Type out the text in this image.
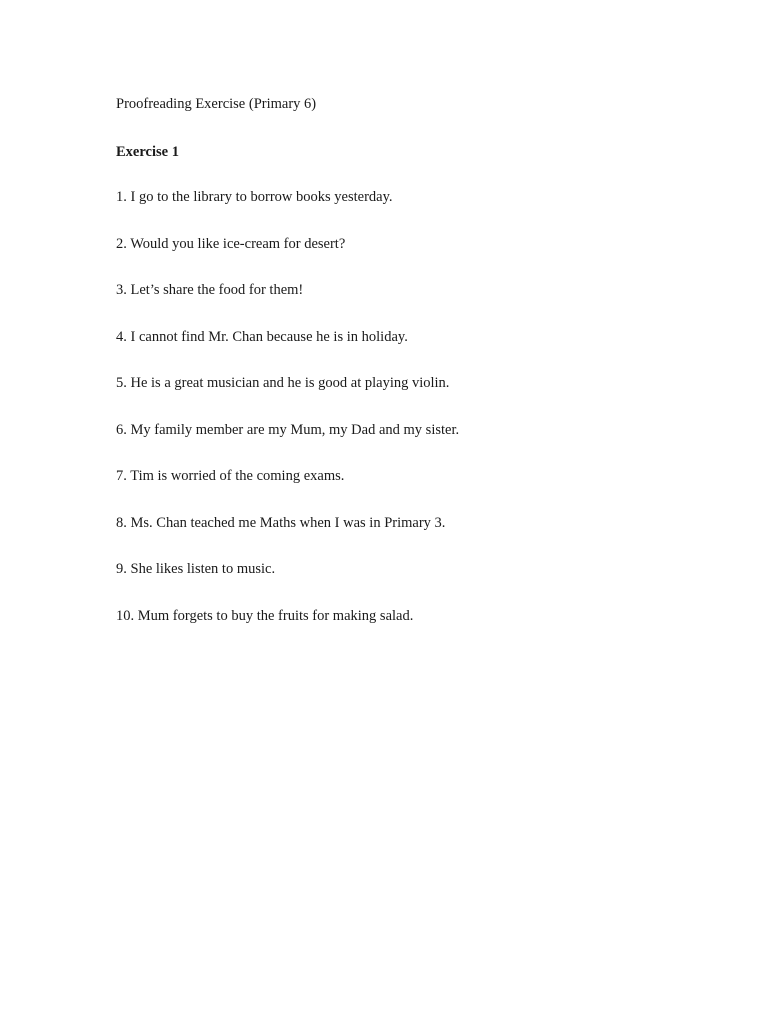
Proofreading Exercise (Primary 6)

Exercise 1

1. I go to the library to borrow books yesterday.
2. Would you like ice-cream for desert?
3. Let’s share the food for them!
4. I cannot find Mr. Chan because he is in holiday.
5. He is a great musician and he is good at playing violin.
6. My family member are my Mum, my Dad and my sister.
7. Tim is worried of the coming exams.
8. Ms. Chan teached me Maths when I was in Primary 3.
9. She likes listen to music.
10. Mum forgets to buy the fruits for making salad.
